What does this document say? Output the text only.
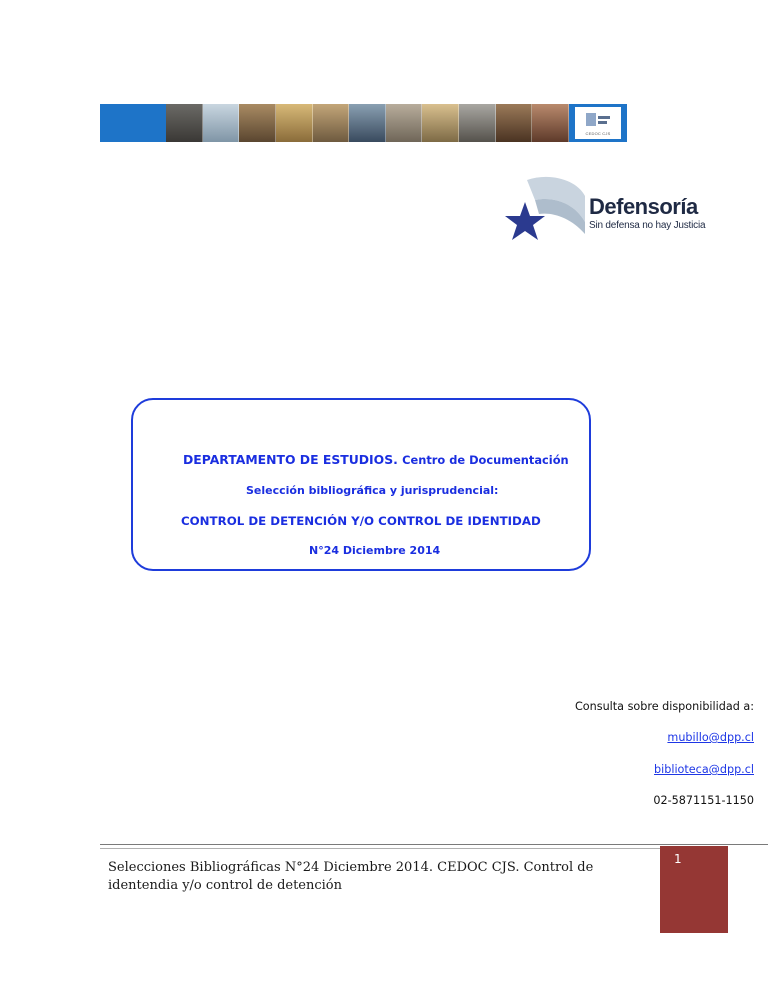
CEDOC CJS
Defensoría
Sin defensa no hay Justicia
DEPARTAMENTO DE ESTUDIOS. Centro de Documentación
Selección bibliográfica y jurisprudencial:
CONTROL DE DETENCIÓN Y/O CONTROL DE IDENTIDAD
N°24 Diciembre 2014
Consulta sobre disponibilidad a:
mubillo@dpp.cl
biblioteca@dpp.cl
02-5871151-1150
Selecciones Bibliográficas N°24 Diciembre 2014. CEDOC CJS. Control de identendia y/o control de detención
1
